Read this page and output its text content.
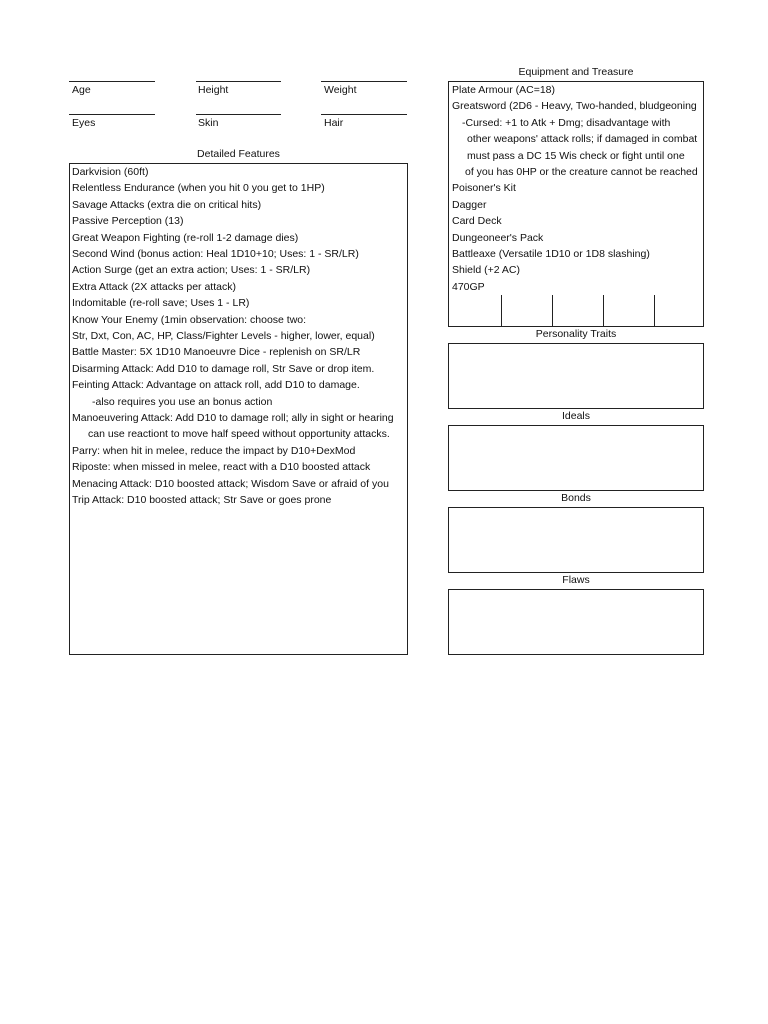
Age	Height	Weight
Eyes	Skin	Hair
Detailed Features
Darkvision (60ft)
Relentless Endurance (when you hit 0 you get to 1HP)
Savage Attacks (extra die on critical hits)
Passive Perception (13)
Great Weapon Fighting (re-roll 1-2 damage dies)
Second Wind (bonus action: Heal 1D10+10; Uses: 1 - SR/LR)
Action Surge (get an extra action; Uses: 1 - SR/LR)
Extra Attack (2X attacks per attack)
Indomitable (re-roll save; Uses 1 - LR)
Know Your Enemy (1min observation: choose two:
Str, Dxt, Con, AC, HP, Class/Fighter Levels - higher, lower, equal)
Battle Master: 5X 1D10 Manoeuvre Dice - replenish on SR/LR
Disarming Attack: Add D10 to damage roll, Str Save or drop item.
Feinting Attack: Advantage on attack roll, add D10 to damage.
-also requires you use an bonus action
Manoeuvering Attack: Add D10 to damage roll; ally in sight or hearing
can use reactiont to move half speed without opportunity attacks.
Parry: when hit in melee, reduce the impact by D10+DexMod
Riposte: when missed in melee, react with a D10 boosted attack
Menacing Attack: D10 boosted attack; Wisdom Save or afraid of you
Trip Attack: D10 boosted attack; Str Save or goes prone
Equipment and Treasure
Plate Armour (AC=18)
Greatsword (2D6 - Heavy, Two-handed, bludgeoning
-Cursed: +1 to Atk + Dmg; disadvantage with
other weapons' attack rolls; if damaged in combat
must pass a DC 15 Wis check or fight until one
of you has 0HP or the creature cannot be reached
Poisoner's Kit
Dagger
Card Deck
Dungeoneer's Pack
Battleaxe (Versatile 1D10 or 1D8 slashing)
Shield (+2 AC)
470GP
Personality Traits
Ideals
Bonds
Flaws
